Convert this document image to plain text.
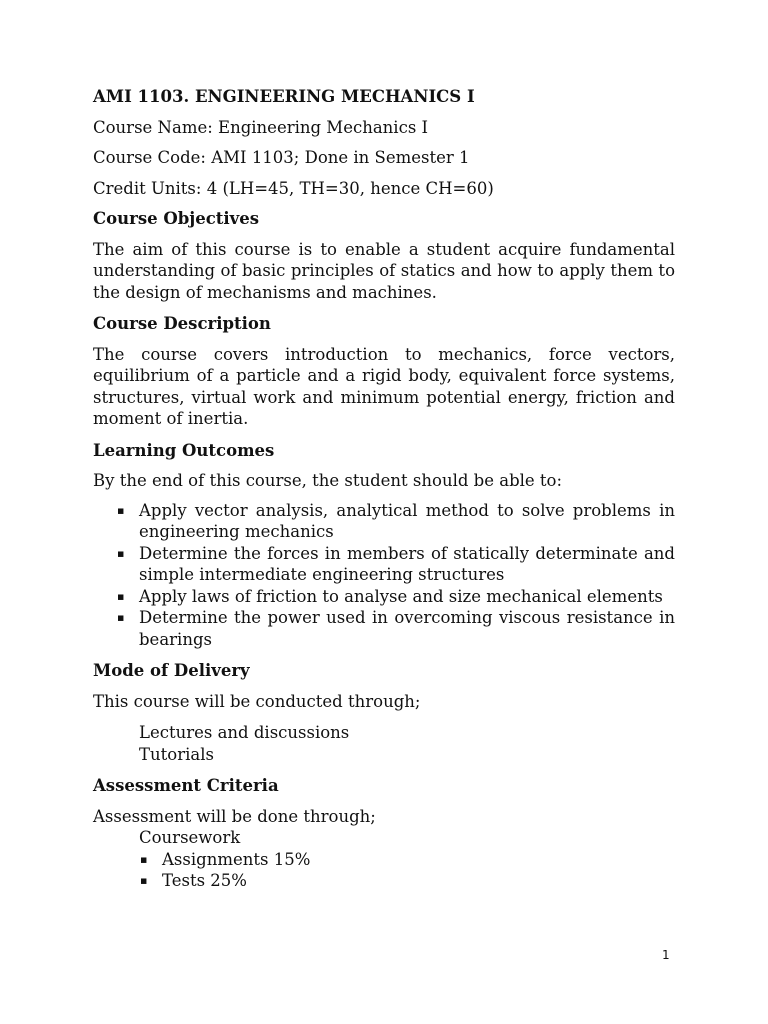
AMI 1103. ENGINEERING MECHANICS I
Course Name: Engineering Mechanics I
Course Code: AMI 1103; Done in Semester 1
Credit Units: 4 (LH=45, TH=30, hence CH=60)
Course Objectives

The aim of this course is to enable a student acquire fundamental understanding of basic principles of statics and how to apply them to the design of mechanisms and machines.

Course Description

The course covers introduction to mechanics, force vectors, equilibrium of a particle and a rigid body, equivalent force systems, structures, virtual work and minimum potential energy, friction and moment of inertia.

Learning Outcomes

By the end of this course, the student should be able to:

▪ Apply vector analysis, analytical method to solve problems in engineering mechanics
▪ Determine the forces in members of statically determinate and simple intermediate engineering structures
▪ Apply laws of friction to analyse and size mechanical elements
▪ Determine the power used in overcoming viscous resistance in bearings
Mode of Delivery

This course will be conducted through;

Lectures and discussions
Tutorials
Assessment Criteria
Assessment will be done through;
Coursework
▪ Assignments 15%
▪ Tests 25%
1
